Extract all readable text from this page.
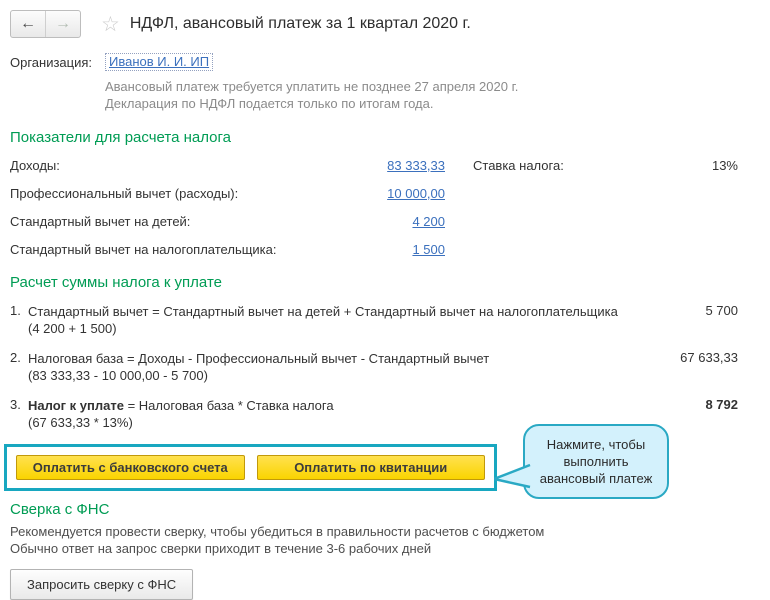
←	→	☆ НДФЛ, авансовый платеж за 1 квартал 2020 г.
Организация:	Иванов И. И. ИП
Авансовый платеж требуется уплатить не позднее 27 апреля 2020 г.
Декларация по НДФЛ подается только по итогам года.
Показатели для расчета налога
Доходы:	83 333,33 Ставка налога:	13%
Профессиональный вычет (расходы):	10 000,00
Стандартный вычет на детей:	4 200
Стандартный вычет на налогоплательщика:	1 500
Расчет суммы налога к уплате
1. Стандартный вычет = Стандартный вычет на детей + Стандартный вычет на налогоплательщика
(4 200 + 1 500)
5 700
2. Налоговая база = Доходы - Профессиональный вычет - Стандартный вычет
(83 333,33 - 10 000,00 - 5 700)
67 633,33
3. Налог к уплате = Налоговая база * Ставка налога
(67 633,33 * 13%)
8 792
Оплатить с банковского счета	Оплатить по квитанции
Нажмите, чтобы выполнить авансовый платеж
Сверка с ФНС
Рекомендуется провести сверку, чтобы убедиться в правильности расчетов с бюджетом
Обычно ответ на запрос сверки приходит в течение 3-6 рабочих дней
Запросить сверку с ФНС
